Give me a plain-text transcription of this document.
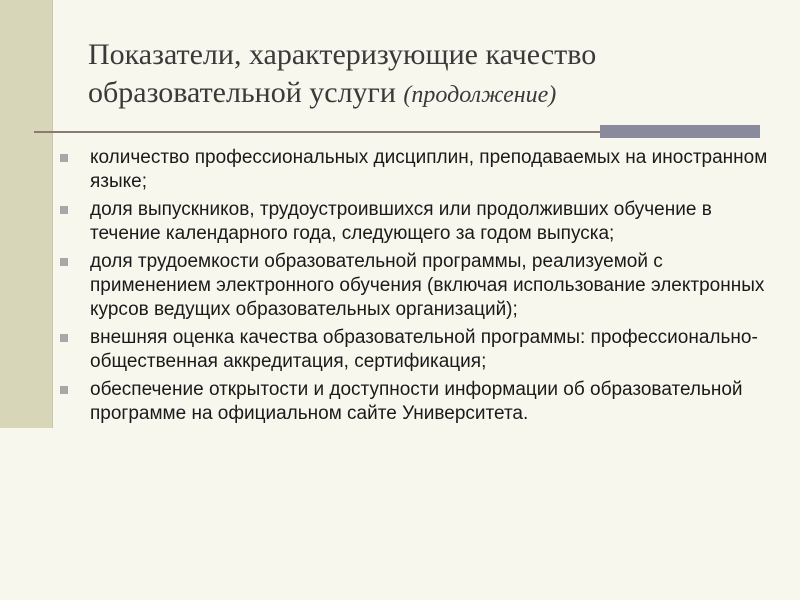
Показатели, характеризующие качество образовательной услуги (продолжение)
количество профессиональных дисциплин, преподаваемых на иностранном языке;
доля выпускников, трудоустроившихся или продолживших обучение в течение календарного года, следующего за годом выпуска;
доля трудоемкости образовательной программы, реализуемой с применением электронного обучения (включая использование электронных курсов ведущих образовательных организаций);
внешняя оценка качества образовательной программы: профессионально-общественная аккредитация, сертификация;
обеспечение открытости и доступности информации об образовательной программе на официальном сайте Университета.
